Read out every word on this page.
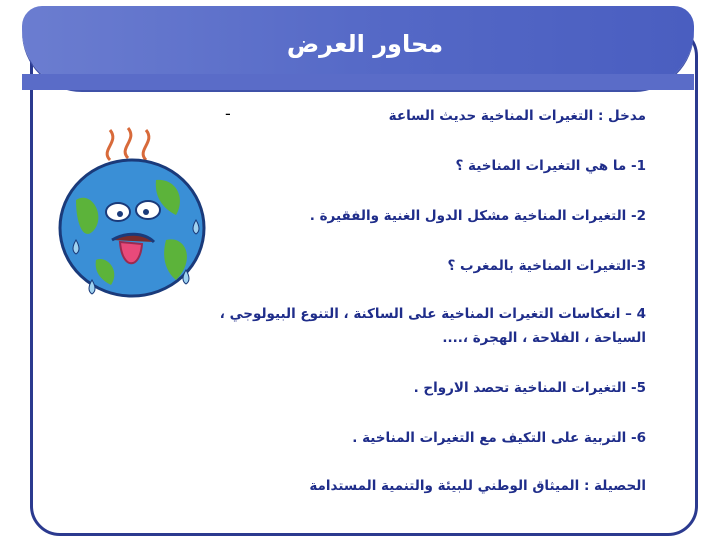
محاور العرض
-	مدخل : التغيرات المناخية حديث الساعة
1- ما هي التغيرات المناخية ؟
2- التغيرات المناخية مشكل الدول الغنية والفقيرة .
3-التغيرات المناخية بالمغرب ؟
4 – انعكاسات التغيرات المناخية على الساكنة ، التنوع البيولوجي ،
السياحة ، الفلاحة ، الهجرة ،....
5- التغيرات المناخية تحصد الارواح .
6- التربية على التكيف مع التغيرات المناخية .
الحصيلة : الميثاق الوطني للبيئة والتنمية المستدامة
